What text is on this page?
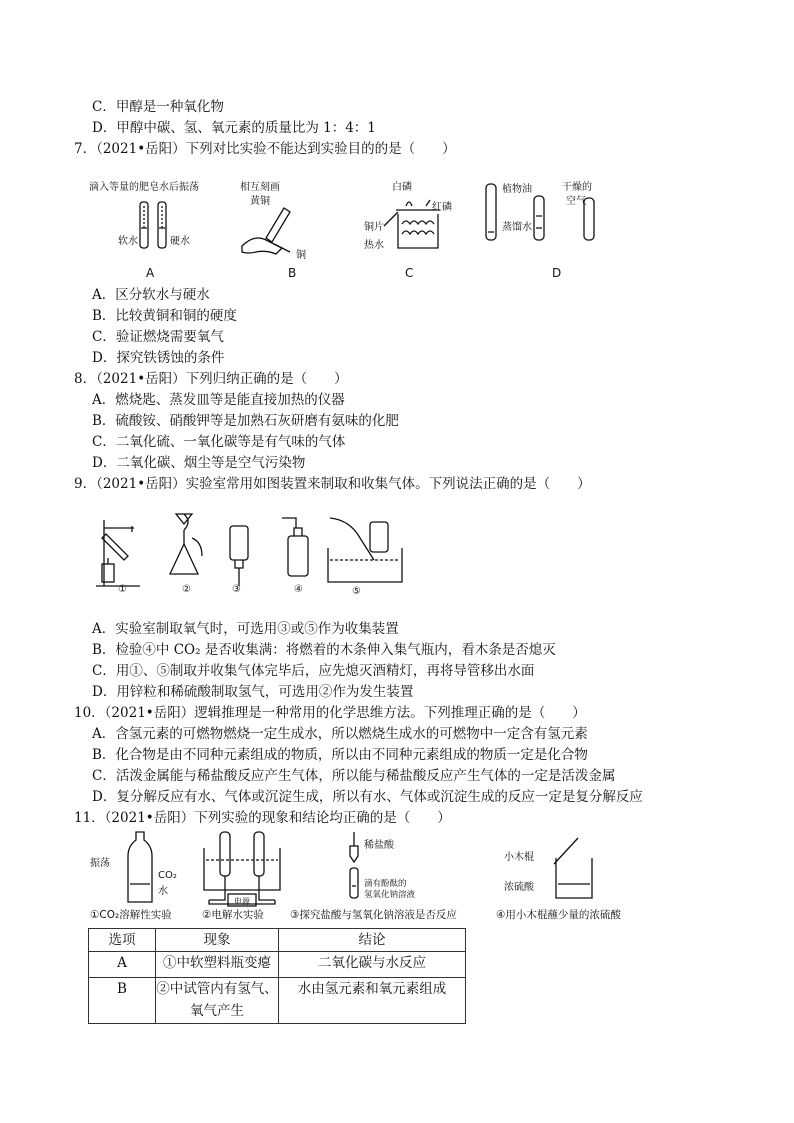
C．甲醇是一种氧化物
D．甲醇中碳、氢、氧元素的质量比为 1：4：1
7．（2021•岳阳）下列对比实验不能达到实验目的的是（　　）
滴入等量的肥皂水后振荡
软水	硬水
A
相互刻画
黄铜
铜
B
白磷
红磷
铜片
热水
C
植物油
蒸馏水
干燥的
空气
D
A．区分软水与硬水
B．比较黄铜和铜的硬度
C．验证燃烧需要氧气
D．探究铁锈蚀的条件
8．（2021•岳阳）下列归纳正确的是（　　）
A．燃烧匙、蒸发皿等是能直接加热的仪器
B．硫酸铵、硝酸钾等是加熟石灰研磨有氨味的化肥
C．二氧化硫、一氧化碳等是有气味的气体
D．二氧化碳、烟尘等是空气污染物
9．（2021•岳阳）实验室常用如图装置来制取和收集气体。下列说法正确的是（　　）
①	②	③	④	⑤
A．实验室制取氧气时，可选用③或⑤作为收集装置
B．检验④中 CO₂ 是否收集满：将燃着的木条伸入集气瓶内，看木条是否熄灭
C．用①、⑤制取并收集气体完毕后，应先熄灭酒精灯，再将导管移出水面
D．用锌粒和稀硫酸制取氢气，可选用②作为发生装置
10．（2021•岳阳）逻辑推理是一种常用的化学思维方法。下列推理正确的是（　　）
A．含氢元素的可燃物燃烧一定生成水，所以燃烧生成水的可燃物中一定含有氢元素
B．化合物是由不同种元素组成的物质，所以由不同种元素组成的物质一定是化合物
C．活泼金属能与稀盐酸反应产生气体，所以能与稀盐酸反应产生气体的一定是活泼金属
D．复分解反应有水、气体或沉淀生成，所以有水、气体或沉淀生成的反应一定是复分解反应
11．（2021•岳阳）下列实验的现象和结论均正确的是（　　）
振荡
CO₂
水
电源
稀盐酸
滴有酚酞的
氢氧化钠溶液
小木棍
浓硫酸
①CO₂溶解性实验	②电解水实验 ③探究盐酸与氢氧化钠溶液是否反应	④用小木棍蘸少量的浓硫酸
选项	现象	结论
A	①中软塑料瓶变瘪	二氧化碳与水反应
B	②中试管内有氢气、
氧气产生	水由氢元素和氧元素组成
